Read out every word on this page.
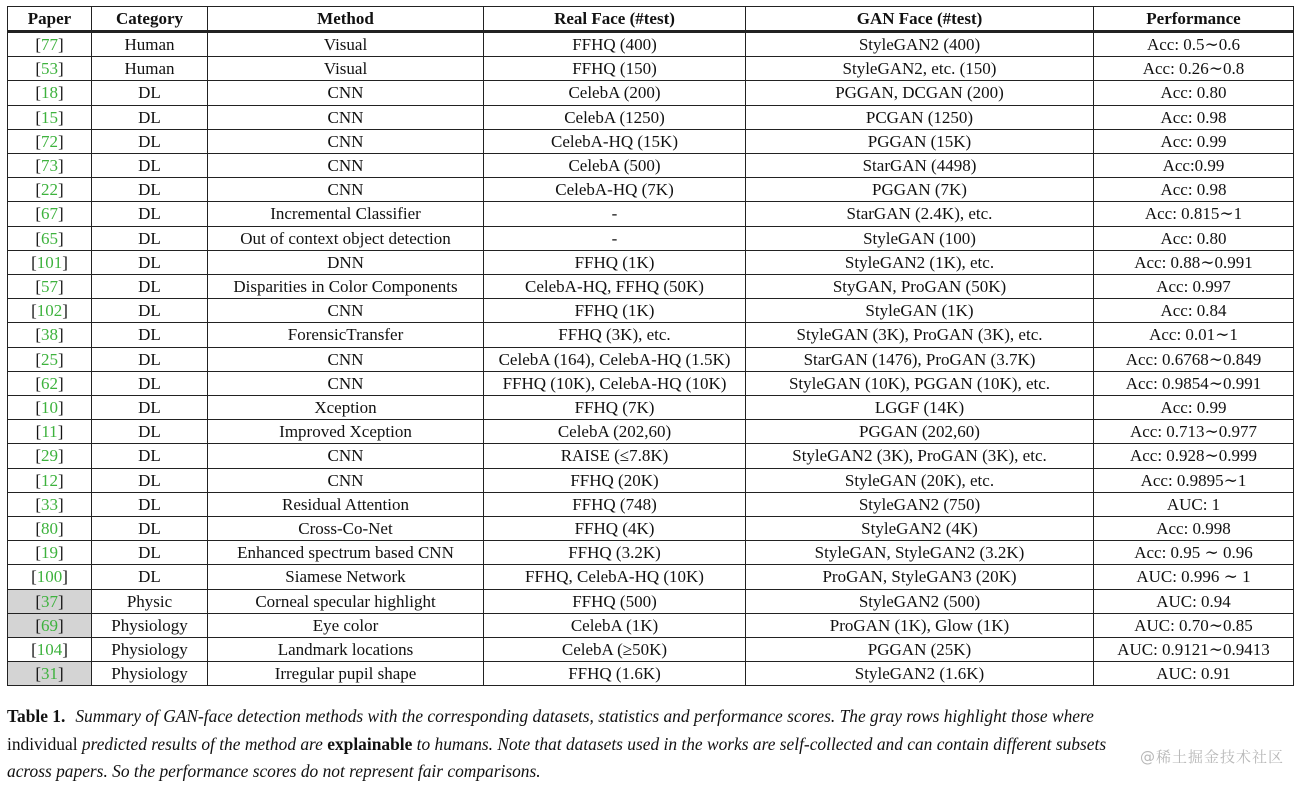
Paper	Category	Method	Real Face (#test)	GAN Face (#test)	Performance
[77]	Human	Visual	FFHQ (400)	StyleGAN2 (400)	Acc: 0.5∼0.6
[53]	Human	Visual	FFHQ (150)	StyleGAN2, etc. (150)	Acc: 0.26∼0.8
[18]	DL	CNN	CelebA (200)	PGGAN, DCGAN (200)	Acc: 0.80
[15]	DL	CNN	CelebA (1250)	PCGAN (1250)	Acc: 0.98
[72]	DL	CNN	CelebA-HQ (15K)	PGGAN (15K)	Acc: 0.99
[73]	DL	CNN	CelebA (500)	StarGAN (4498)	Acc:0.99
[22]	DL	CNN	CelebA-HQ (7K)	PGGAN (7K)	Acc: 0.98
[67]	DL	Incremental Classifier	-	StarGAN (2.4K), etc.	Acc: 0.815∼1
[65]	DL	Out of context object detection	-	StyleGAN (100)	Acc: 0.80
[101]	DL	DNN	FFHQ (1K)	StyleGAN2 (1K), etc.	Acc: 0.88∼0.991
[57]	DL	Disparities in Color Components	CelebA-HQ, FFHQ (50K)	StyGAN, ProGAN (50K)	Acc: 0.997
[102]	DL	CNN	FFHQ (1K)	StyleGAN (1K)	Acc: 0.84
[38]	DL	ForensicTransfer	FFHQ (3K), etc.	StyleGAN (3K), ProGAN (3K), etc.	Acc: 0.01∼1
[25]	DL	CNN	CelebA (164), CelebA-HQ (1.5K)	StarGAN (1476), ProGAN (3.7K)	Acc: 0.6768∼0.849
[62]	DL	CNN	FFHQ (10K), CelebA-HQ (10K)	StyleGAN (10K), PGGAN (10K), etc.	Acc: 0.9854∼0.991
[10]	DL	Xception	FFHQ (7K)	LGGF (14K)	Acc: 0.99
[11]	DL	Improved Xception	CelebA (202,60)	PGGAN (202,60)	Acc: 0.713∼0.977
[29]	DL	CNN	RAISE (≤7.8K)	StyleGAN2 (3K), ProGAN (3K), etc.	Acc: 0.928∼0.999
[12]	DL	CNN	FFHQ (20K)	StyleGAN (20K), etc.	Acc: 0.9895∼1
[33]	DL	Residual Attention	FFHQ (748)	StyleGAN2 (750)	AUC: 1
[80]	DL	Cross-Co-Net	FFHQ (4K)	StyleGAN2 (4K)	Acc: 0.998
[19]	DL	Enhanced spectrum based CNN	FFHQ (3.2K)	StyleGAN, StyleGAN2 (3.2K)	Acc: 0.95 ∼ 0.96
[100]	DL	Siamese Network	FFHQ, CelebA-HQ (10K)	ProGAN, StyleGAN3 (20K)	AUC: 0.996 ∼ 1
[37]	Physic	Corneal specular highlight	FFHQ (500)	StyleGAN2 (500)	AUC: 0.94
[69]	Physiology	Eye color	CelebA (1K)	ProGAN (1K), Glow (1K)	AUC: 0.70∼0.85
[104]	Physiology	Landmark locations	CelebA (≥50K)	PGGAN (25K)	AUC: 0.9121∼0.9413
[31]	Physiology	Irregular pupil shape	FFHQ (1.6K)	StyleGAN2 (1.6K)	AUC: 0.91
Table 1. Summary of GAN-face detection methods with the corresponding datasets, statistics and performance scores. The gray rows highlight those where
individual predicted results of the method are explainable to humans. Note that datasets used in the works are self-collected and can contain different subsets
across papers. So the performance scores do not represent fair comparisons.
@稀土掘金技术社区
